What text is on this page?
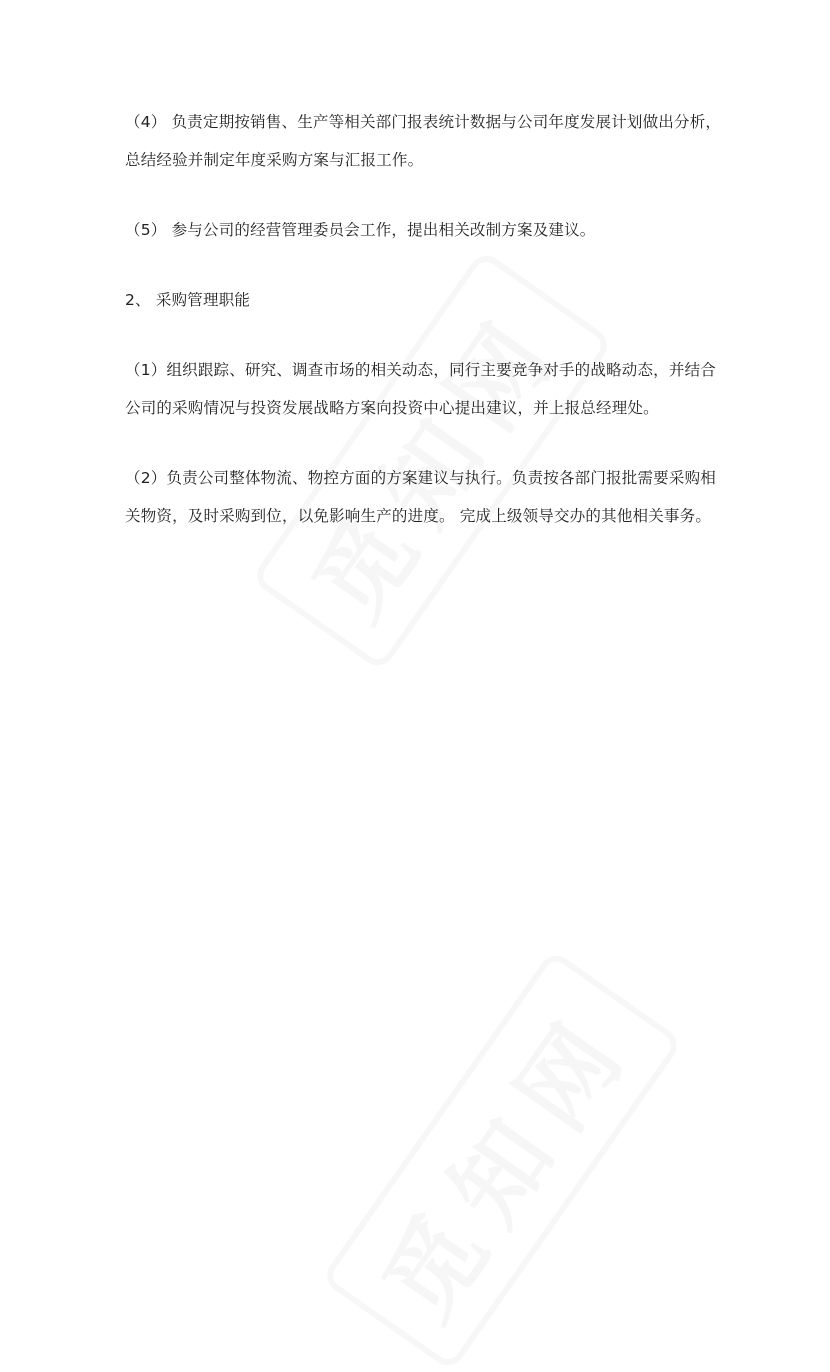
（4） 负责定期按销售、生产等相关部门报表统计数据与公司年度发展计划做出分析，总结经验并制定年度采购方案与汇报工作。

（5） 参与公司的经营管理委员会工作，提出相关改制方案及建议。

2、 采购管理职能

（1）组织跟踪、研究、调查市场的相关动态，同行主要竞争对手的战略动态，并结合公司的采购情况与投资发展战略方案向投资中心提出建议，并上报总经理处。

（2）负责公司整体物流、物控方面的方案建议与执行。负责按各部门报批需要采购相关物资，及时采购到位，以免影响生产的进度。 完成上级领导交办的其他相关事务。
